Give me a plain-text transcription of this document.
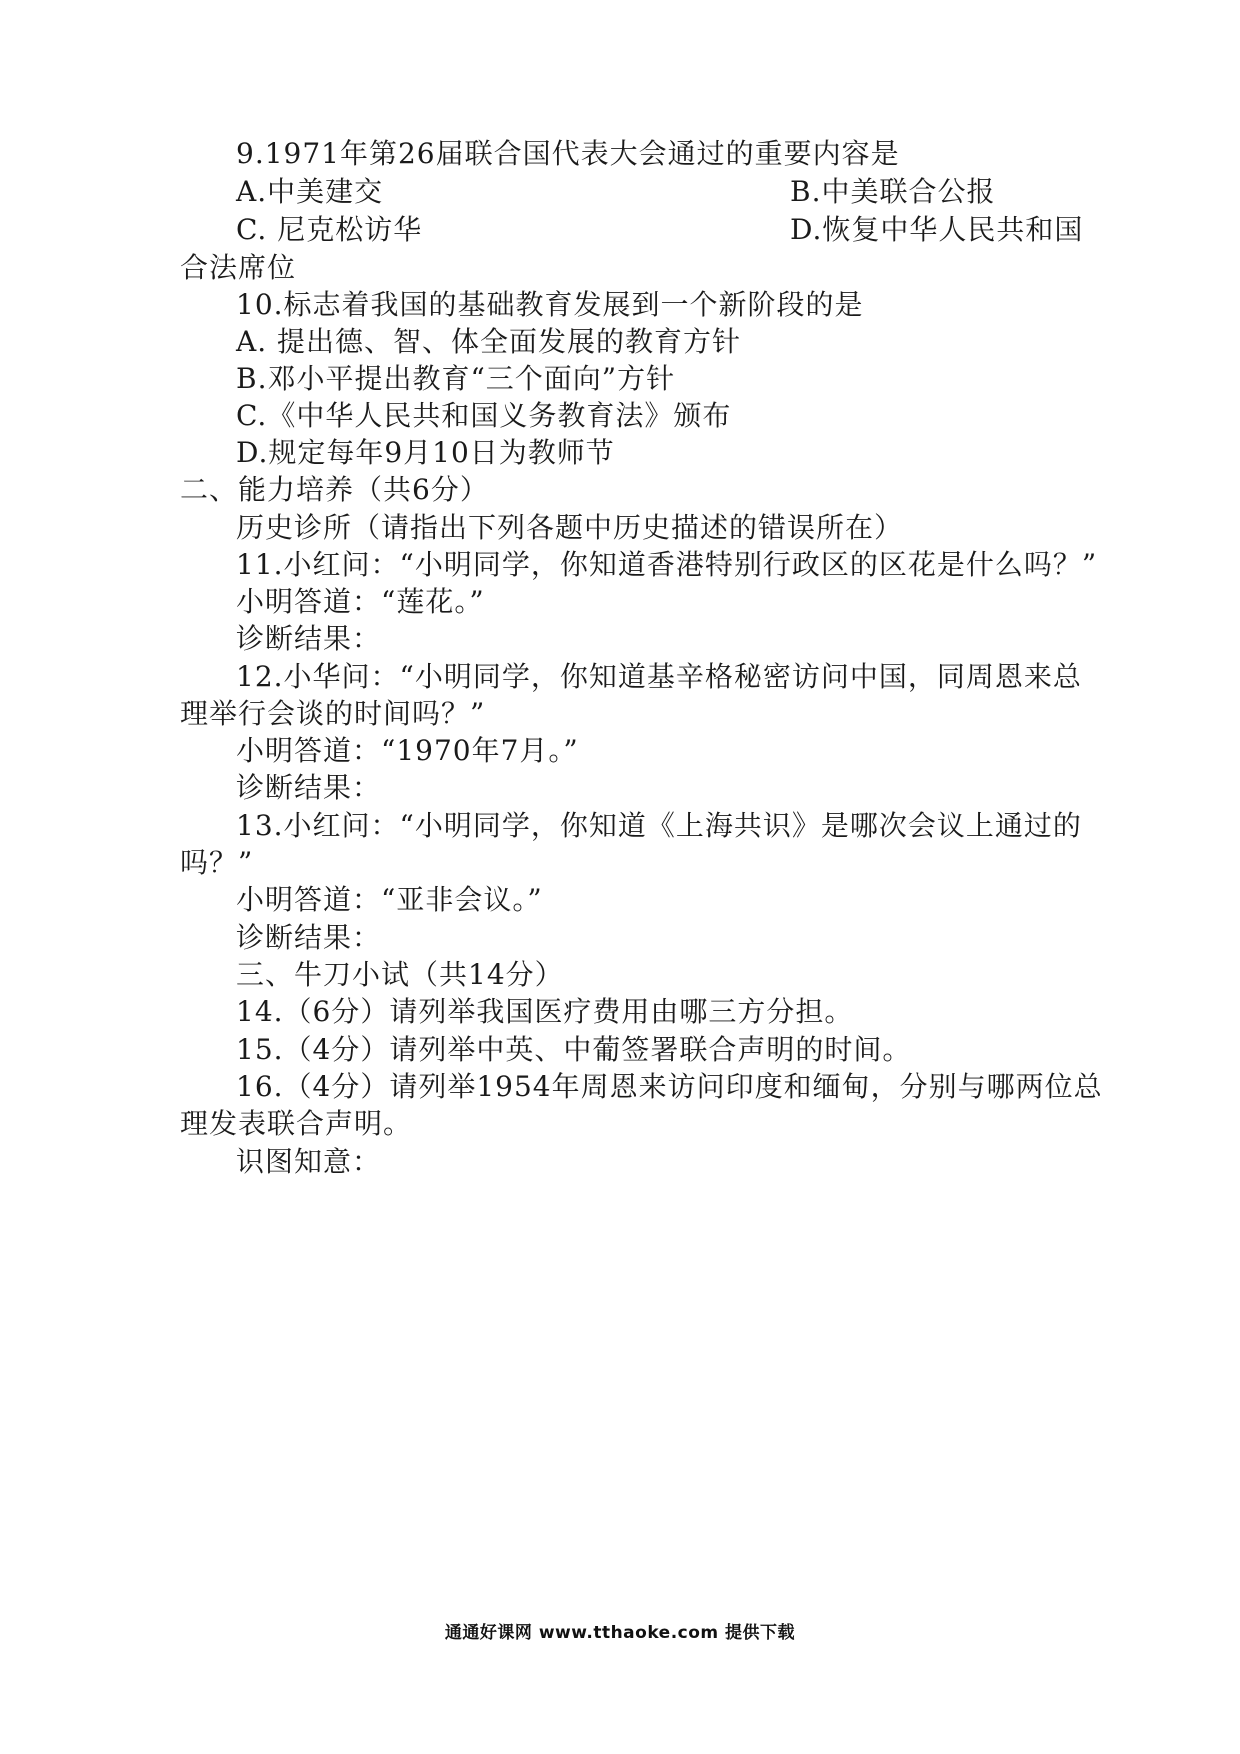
9.1971年第26届联合国代表大会通过的重要内容是
A.中美建交	B.中美联合公报
C. 尼克松访华	D.恢复中华人民共和国
合法席位
10.标志着我国的基础教育发展到一个新阶段的是
A. 提出德、智、体全面发展的教育方针
B.邓小平提出教育“三个面向”方针
C.《中华人民共和国义务教育法》颁布
D.规定每年9月10日为教师节
二、能力培养（共6分）
历史诊所（请指出下列各题中历史描述的错误所在）
11.小红问：“小明同学，你知道香港特别行政区的区花是什么吗？”
小明答道：“莲花。”
诊断结果：
12.小华问：“小明同学，你知道基辛格秘密访问中国，同周恩来总
理举行会谈的时间吗？”
小明答道：“1970年7月。”
诊断结果：
13.小红问：“小明同学，你知道《上海共识》是哪次会议上通过的
吗？”
小明答道：“亚非会议。”
诊断结果：
三、牛刀小试（共14分）
14.（6分）请列举我国医疗费用由哪三方分担。
15.（4分）请列举中英、中葡签署联合声明的时间。
16.（4分）请列举1954年周恩来访问印度和缅甸，分别与哪两位总
理发表联合声明。
识图知意：
通通好课网 www.tthaoke.com 提供下载
